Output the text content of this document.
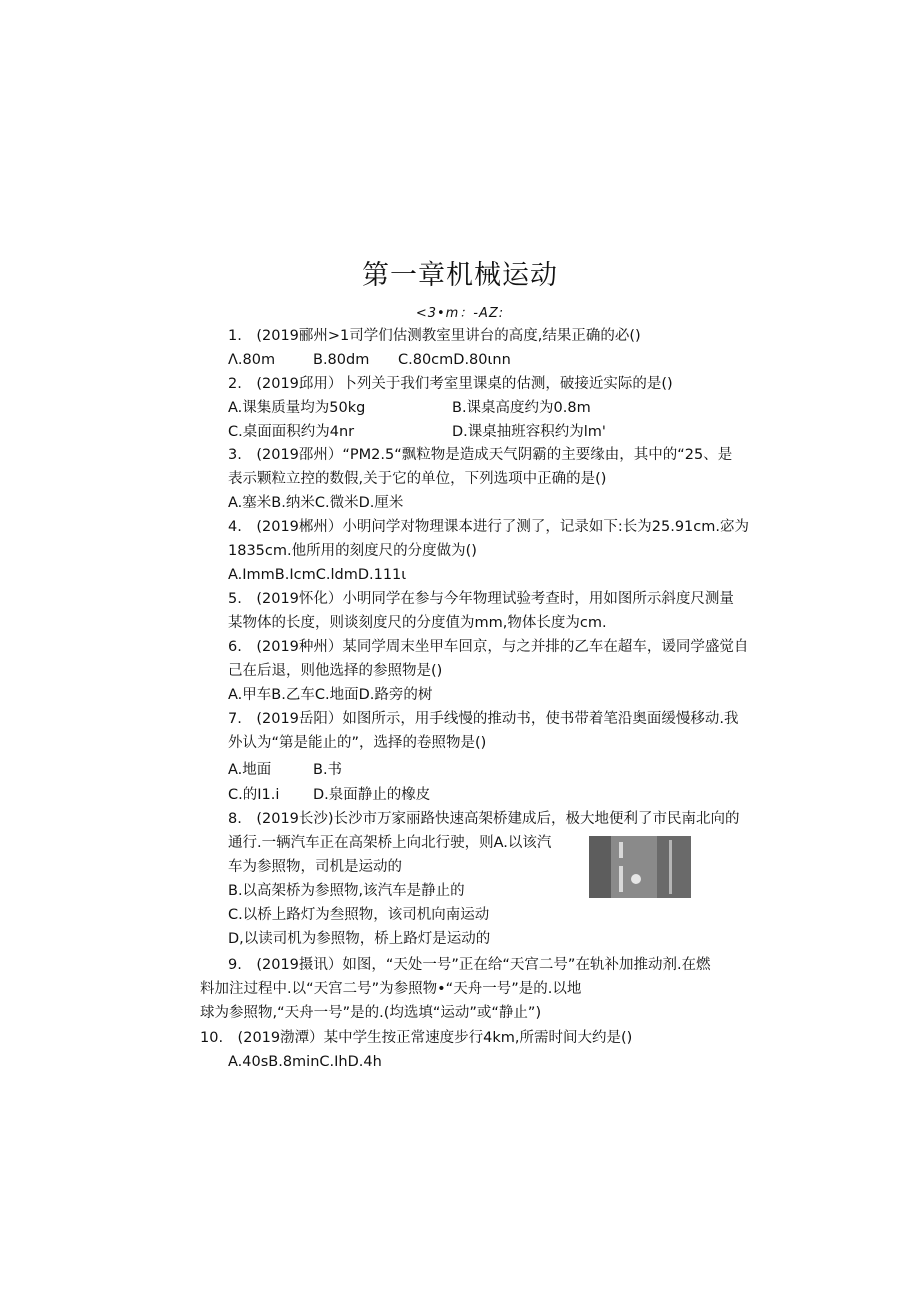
第一章机械运动
<3•m：-AZ:
1.　(2019郦州>1司学们估测教室里讲台的高度,结果正确的必()
Λ.80m	B.80dm C.80cmD.80ιnn
2.　(2019邱用）卜列关于我们考室里课桌的估测，破接近实际的是()
A.课集质量均为50kg	B.课桌高度约为0.8m
C.桌面面积约为4nr	D.课桌抽班容积约为lm'
3.　(2019邵州）“PM2.5“飘粒物是造成天气阴霸的主要缘由，其中的“25、是
表示颗粒立控的数假,关于它的单位，下列选项中正确的是()
A.塞米B.纳米C.微米D.厘米
4.　(2019郴州）小明问学对物理课本进行了测了，记录如下:长为25.91cm.宓为
1835cm.他所用的刻度尺的分度做为()
A.ImmB.IcmC.ldmD.111ι
5.　(2019怀化）小明同学在参与今年物理试验考查时，用如图所示斜度尺测量
某物体的长度，则谈刻度尺的分度值为mm,物体长度为cm.
6.　(2019种州）某同学周末坐甲车回京，与之并排的乙车在超车，谖同学盛觉自
己在后退，则他选择的参照物是()
A.甲车B.乙车C.地面D.路旁的树
7.　(2019岳阳）如图所示，用手线慢的推动书，使书带着笔沿奥面缓慢移动.我
外认为“第是能止的”，选择的卷照物是()
A.地面	B.书
C.的I1.i D.泉面静止的橡皮
8.　(2019长沙)长沙市万家丽路快速高架桥建成后，极大地便利了市民南北向的
通行.一辆汽车正在高架桥上向北行驶，则A.以该汽
车为参照物，司机是运动的
B.以高架桥为参照物,该汽车是静止的
C.以桥上路灯为叁照物，该司机向南运动
D,以读司机为参照物，桥上路灯是运动的
9.　(2019摄讯）如图，“天处一号”正在给“天宫二号”在轨补加推动剂.在燃
料加注过程中.以“天宫二号”为参照物•“天舟一号”是的.以地
球为参照物,“天舟一号”是的.(均选填“运动”或“静止”)
10.　(2019渤潭）某中学生按正常速度步行4km,所需时间大约是()
A.40sB.8minC.IhD.4h
